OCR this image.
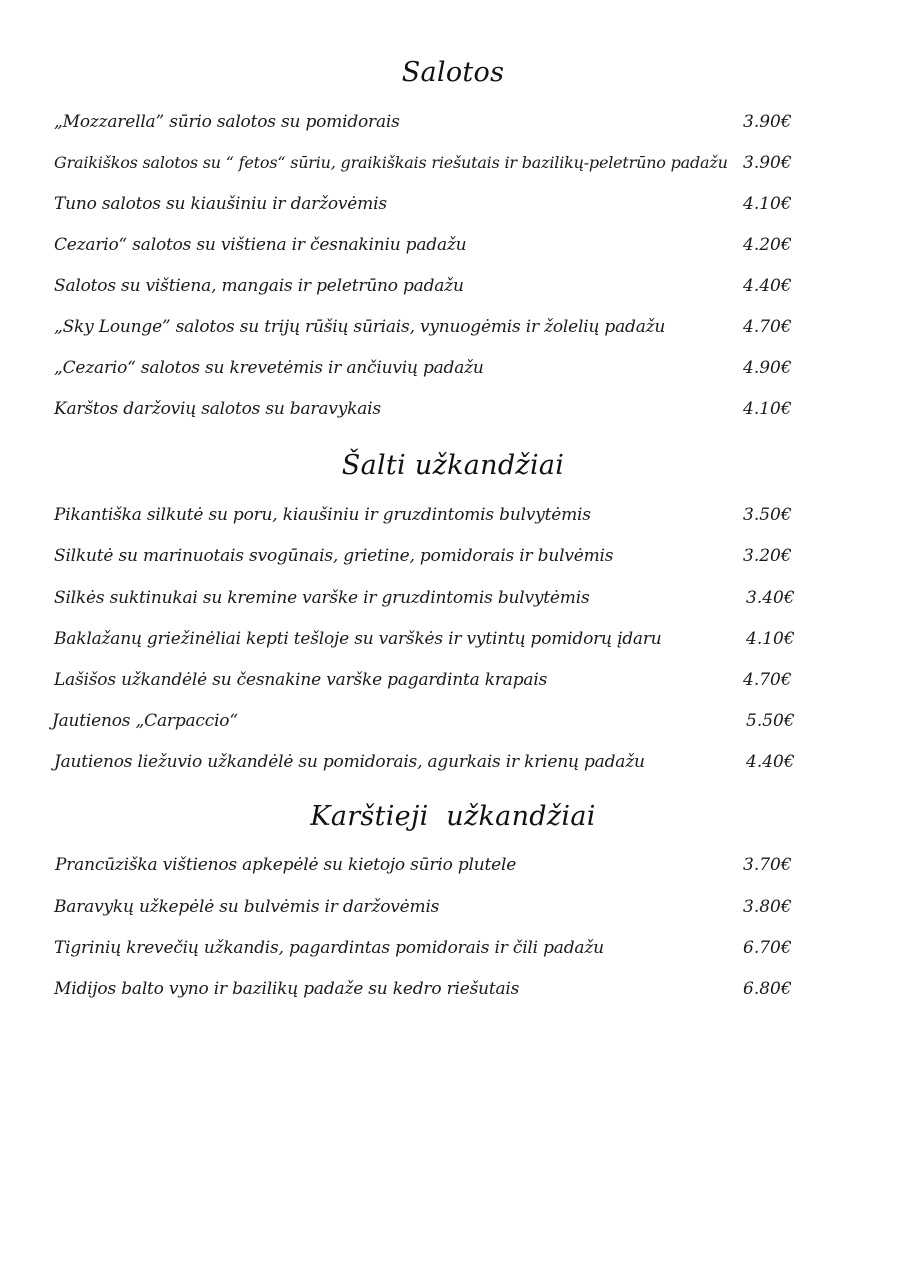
Salotos
„Mozzarella” sūrio salotos su pomidorais	3.90€
Graikiškos salotos su “ fetos“ sūriu, graikiškais riešutais ir bazilikų-peletrūno padažu 3.90€
Tuno salotos su kiaušiniu ir daržovėmis	4.10€
Cezario“ salotos su vištiena ir česnakiniu padažu	4.20€
Salotos su vištiena, mangais ir peletrūno padažu	4.40€
„Sky Lounge” salotos su trijų rūšių sūriais, vynuogėmis ir žolelių padažu	4.70€
„Cezario“ salotos su krevetėmis ir ančiuvių padažu	4.90€
Karštos daržovių salotos su baravykais	4.10€
Šalti užkandžiai
Pikantiška silkutė su poru, kiaušiniu ir gruzdintomis bulvytėmis	3.50€
Silkutė su marinuotais svogūnais, grietine, pomidorais ir bulvėmis	3.20€
Silkės suktinukai su kremine varške ir gruzdintomis bulvytėmis	3.40€
Baklažanų griežinėliai kepti tešloje su varškės ir vytintų pomidorų įdaru	4.10€
Lašišos užkandėlė su česnakine varške pagardinta krapais	4.70€
Jautienos „Carpaccio“	5.50€
Jautienos liežuvio užkandėlė su pomidorais, agurkais ir krienų padažu	4.40€
Karštieji  užkandžiai
Prancūziška vištienos apkepėlė su kietojo sūrio plutele	3.70€
Baravykų užkepėlė su bulvėmis ir daržovėmis	3.80€
Tigrinių krevečių užkandis, pagardintas pomidorais ir čili padažu	6.70€
Midijos balto vyno ir bazilikų padaže su kedro riešutais	6.80€
